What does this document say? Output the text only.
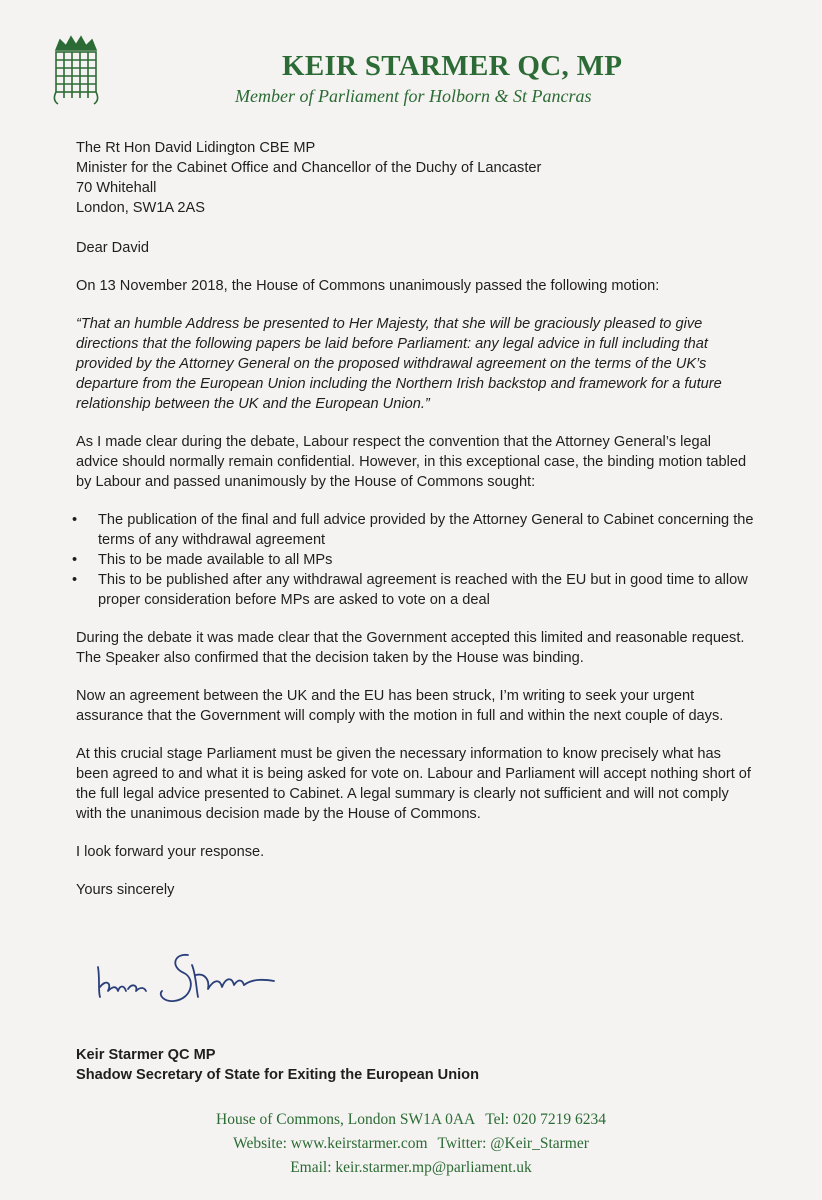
KEIR STARMER QC, MP
Member of Parliament for Holborn & St Pancras
The Rt Hon David Lidington CBE MP
Minister for the Cabinet Office and Chancellor of the Duchy of Lancaster
70 Whitehall
London, SW1A 2AS

Dear David

On 13 November 2018, the House of Commons unanimously passed the following motion:

“That an humble Address be presented to Her Majesty, that she will be graciously pleased to give directions that the following papers be laid before Parliament: any legal advice in full including that provided by the Attorney General on the proposed withdrawal agreement on the terms of the UK’s departure from the European Union including the Northern Irish backstop and framework for a future relationship between the UK and the European Union.”

As I made clear during the debate, Labour respect the convention that the Attorney General’s legal advice should normally remain confidential. However, in this exceptional case, the binding motion tabled by Labour and passed unanimously by the House of Commons sought:

• The publication of the final and full advice provided by the Attorney General to Cabinet concerning the terms of any withdrawal agreement
• This to be made available to all MPs
• This to be published after any withdrawal agreement is reached with the EU but in good time to allow proper consideration before MPs are asked to vote on a deal

During the debate it was made clear that the Government accepted this limited and reasonable request. The Speaker also confirmed that the decision taken by the House was binding.

Now an agreement between the UK and the EU has been struck, I’m writing to seek your urgent assurance that the Government will comply with the motion in full and within the next couple of days.

At this crucial stage Parliament must be given the necessary information to know precisely what has been agreed to and what it is being asked for vote on. Labour and Parliament will accept nothing short of the full legal advice presented to Cabinet. A legal summary is clearly not sufficient and will not comply with the unanimous decision made by the House of Commons.

I look forward your response.

Yours sincerely

Keir Starmer QC MP
Shadow Secretary of State for Exiting the European Union
House of Commons, London SW1A 0AA Tel: 020 7219 6234
Website: www.keirstarmer.com Twitter: @Keir_Starmer
Email: keir.starmer.mp@parliament.uk
